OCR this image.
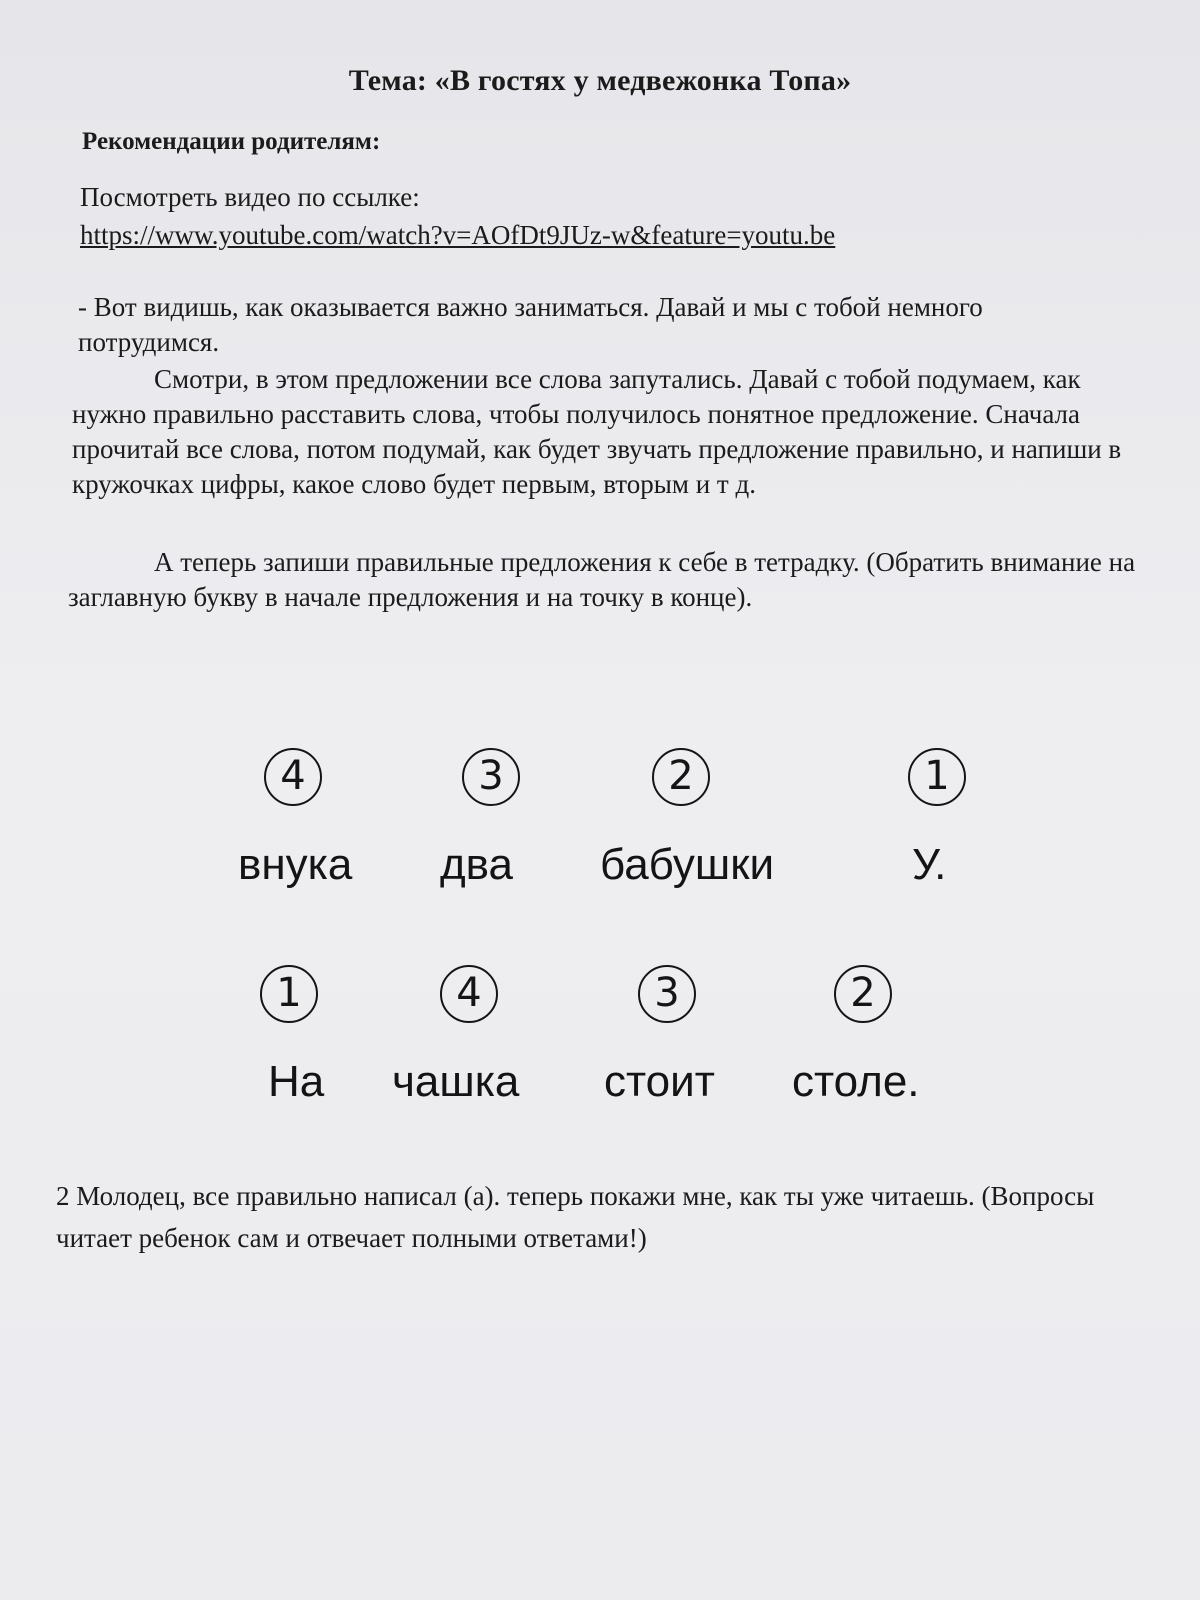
Тема: «В гостях у медвежонка Топа»
Рекомендации родителям:
Посмотреть видео по ссылке:
https://www.youtube.com/watch?v=AOfDt9JUz-w&feature=youtu.be

- Вот видишь, как оказывается важно заниматься. Давай и мы с тобой немного потрудимся.

Смотри, в этом предложении все слова запутались. Давай с тобой подумаем, как нужно правильно расставить слова, чтобы получилось понятное предложение. Сначала прочитай все слова, потом подумай, как будет звучать предложение правильно, и напиши в кружочках цифры, какое слово будет первым, вторым и т д.

А теперь запиши правильные предложения к себе в тетрадку. (Обратить внимание на заглавную букву в начале предложения и на точку в конце).

4
внука
3
два
2
бабушки
1
У.
1
На
4
чашка
3
стоит
2
столе.

2 Молодец, все правильно написал (а). теперь покажи мне, как ты уже читаешь. (Вопросы читает ребенок сам и отвечает полными ответами!)
